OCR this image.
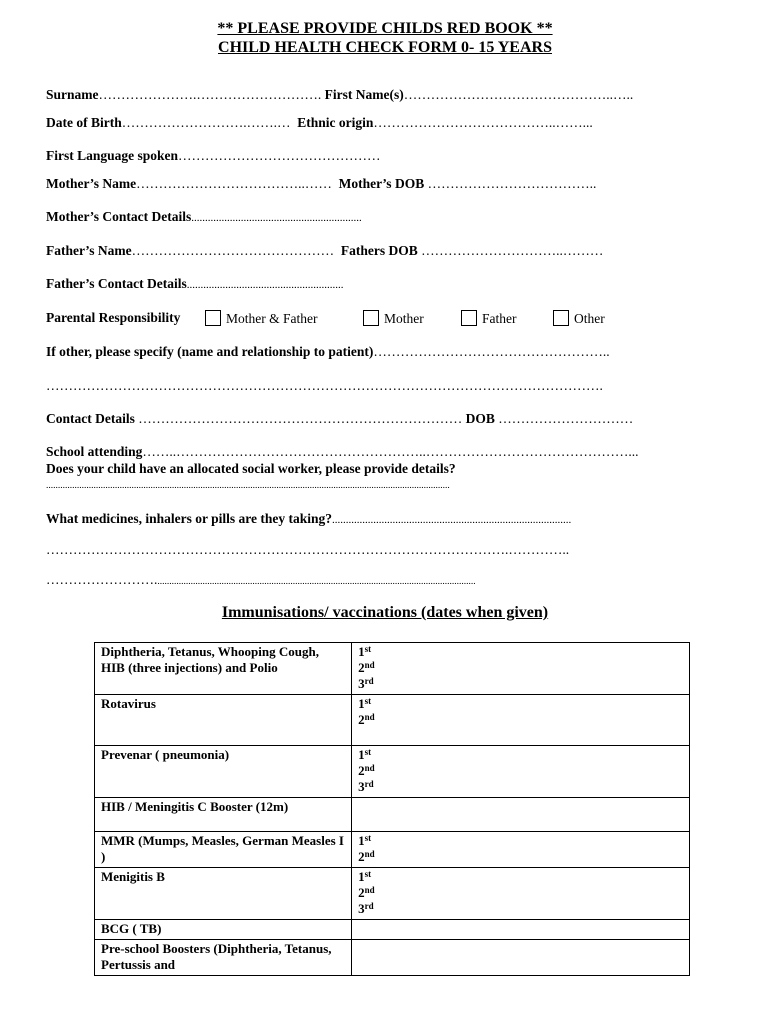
** PLEASE PROVIDE CHILDS RED BOOK **
CHILD HEALTH CHECK FORM 0- 15 YEARS
Surname………………….………………………. First Name(s)………………………………………..…..
Date of Birth……………………….…….… Ethnic origin…………………………………..……...
First Language spoken………………………………………
Mother’s Name………………………………..…… Mother’s DOB ………………………………..
Mother’s Contact Details..............................................................
Father’s Name……………………………………… Fathers DOB …………………………..………
Father’s Contact Details.........................................................
Parental Responsibility	Mother & Father	Mother	Father	Other
If other, please specify (name and relationship to patient)……………………………………………..
…………………………………………………………………………………………………………….
Contact Details ……………………………………………………………… DOB …………………………
School attending……..………………………………………………..………………………………………...
Does your child have an allocated social worker, please provide details?
..........................................................................................................................................................................
What medicines, inhalers or pills are they taking?.......................................................................................
………………………………………………………………………………………….…………..
…………………….......................................................................................................................................
Immunisations/ vaccinations (dates when given)
Diphtheria, Tetanus, Whooping Cough, HIB (three injections) and Polio	1st
2nd
3rd

Rotavirus	1st
2nd

Prevenar ( pneumonia)	1st
2nd
3rd

HIB / Meningitis C Booster (12m)	
MMR (Mumps, Measles, German Measles I )	1st
2nd

Menigitis B	1st
2nd
3rd

BCG ( TB)	
Pre-school Boosters (Diphtheria, Tetanus, Pertussis and	
